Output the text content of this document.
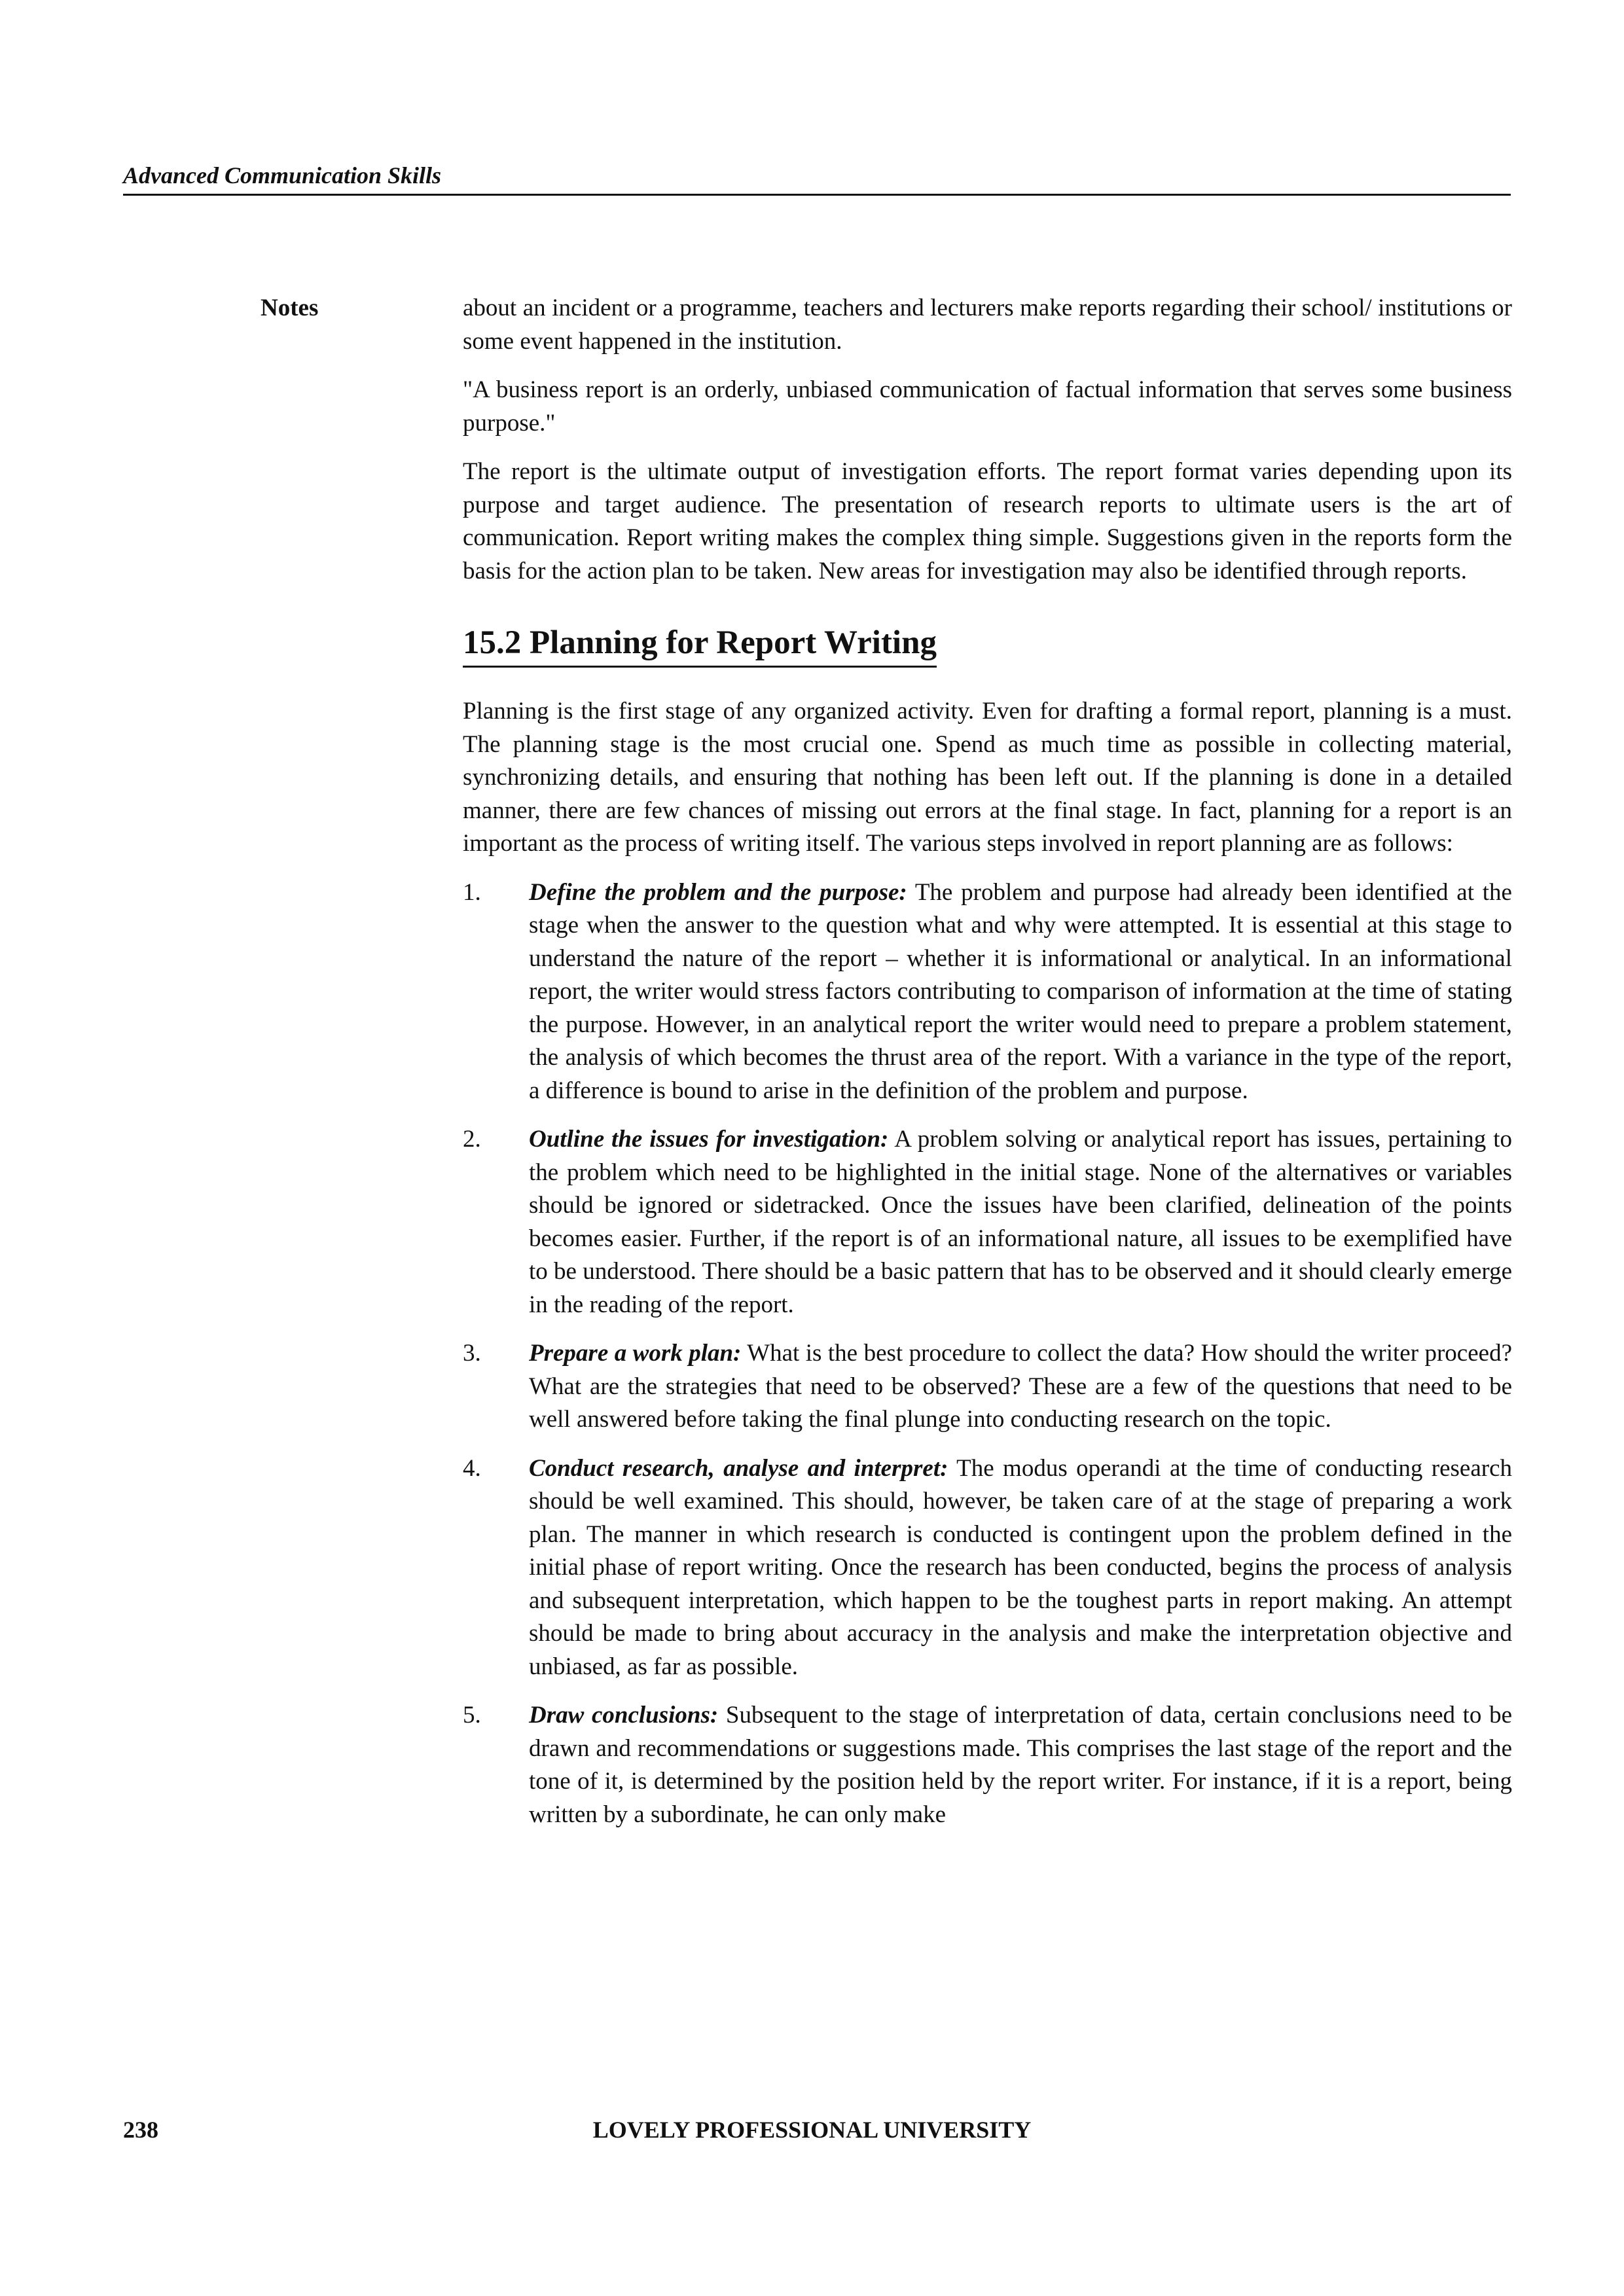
Advanced Communication Skills
Notes	about an incident or a programme, teachers and lecturers make reports regarding their school/ institutions or some event happened in the institution.

"A business report is an orderly, unbiased communication of factual information that serves some business purpose."

The report is the ultimate output of investigation efforts. The report format varies depending upon its purpose and target audience. The presentation of research reports to ultimate users is the art of communication. Report writing makes the complex thing simple. Suggestions given in the reports form the basis for the action plan to be taken. New areas for investigation may also be identified through reports.

15.2 Planning for Report Writing

Planning is the first stage of any organized activity. Even for drafting a formal report, planning is a must. The planning stage is the most crucial one. Spend as much time as possible in collecting material, synchronizing details, and ensuring that nothing has been left out. If the planning is done in a detailed manner, there are few chances of missing out errors at the final stage. In fact, planning for a report is an important as the process of writing itself. The various steps involved in report planning are as follows:

1. Define the problem and the purpose: The problem and purpose had already been identified at the stage when the answer to the question what and why were attempted. It is essential at this stage to understand the nature of the report – whether it is informational or analytical. In an informational report, the writer would stress factors contributing to comparison of information at the time of stating the purpose. However, in an analytical report the writer would need to prepare a problem statement, the analysis of which becomes the thrust area of the report. With a variance in the type of the report, a difference is bound to arise in the definition of the problem and purpose.
2. Outline the issues for investigation: A problem solving or analytical report has issues, pertaining to the problem which need to be highlighted in the initial stage. None of the alternatives or variables should be ignored or sidetracked. Once the issues have been clarified, delineation of the points becomes easier. Further, if the report is of an informational nature, all issues to be exemplified have to be understood. There should be a basic pattern that has to be observed and it should clearly emerge in the reading of the report.
3. Prepare a work plan: What is the best procedure to collect the data? How should the writer proceed? What are the strategies that need to be observed? These are a few of the questions that need to be well answered before taking the final plunge into conducting research on the topic.
4. Conduct research, analyse and interpret: The modus operandi at the time of conducting research should be well examined. This should, however, be taken care of at the stage of preparing a work plan. The manner in which research is conducted is contingent upon the problem defined in the initial phase of report writing. Once the research has been conducted, begins the process of analysis and subsequent interpretation, which happen to be the toughest parts in report making. An attempt should be made to bring about accuracy in the analysis and make the interpretation objective and unbiased, as far as possible.
5. Draw conclusions: Subsequent to the stage of interpretation of data, certain conclusions need to be drawn and recommendations or suggestions made. This comprises the last stage of the report and the tone of it, is determined by the position held by the report writer. For instance, if it is a report, being written by a subordinate, he can only make
238	LOVELY PROFESSIONAL UNIVERSITY
